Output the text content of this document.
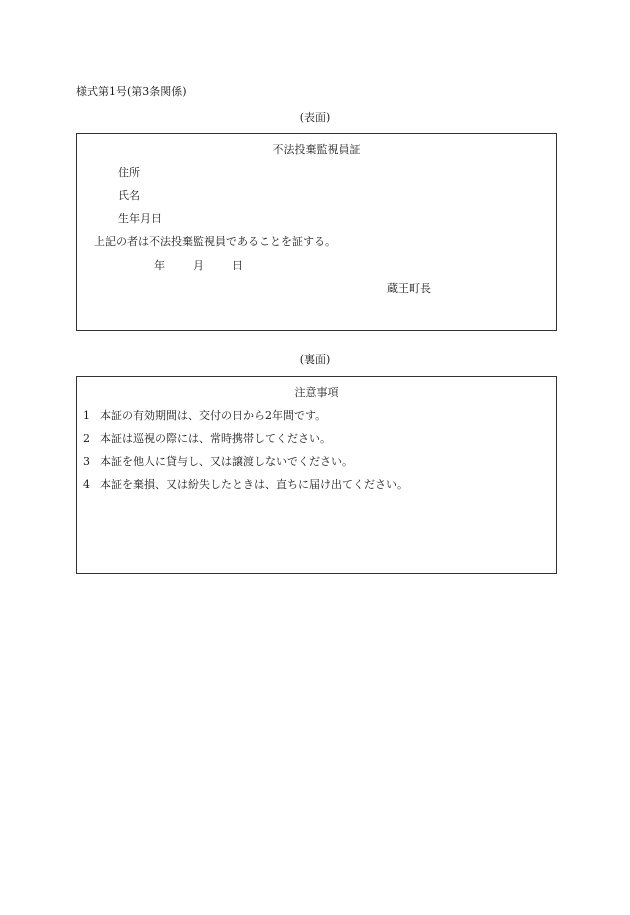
様式第1号(第3条関係)
(表面)
不法投棄監視員証
住所
氏名
生年月日
上記の者は不法投棄監視員であることを証する。
年	月	日
蔵王町長
(裏面)
注意事項
1 本証の有効期間は、交付の日から2年間です。
2 本証は巡視の際には、常時携帯してください。
3 本証を他人に貸与し、又は譲渡しないでください。
4 本証を棄損、又は紛失したときは、直ちに届け出てください。
